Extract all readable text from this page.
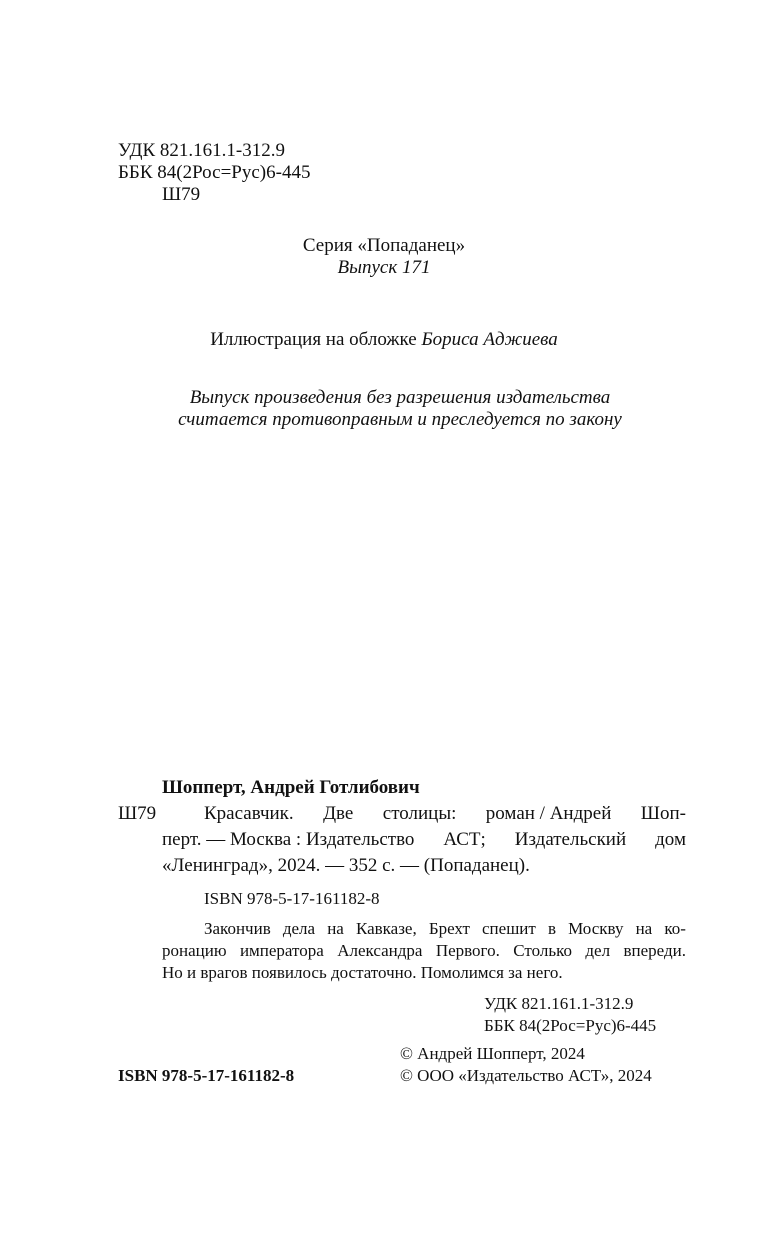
УДК 821.161.1-312.9
ББК 84(2Рос=Рус)6-445
Ш79
Серия «Попаданец»
Выпуск 171
Иллюстрация на обложке Бориса Аджиева
Выпуск произведения без разрешения издательства
считается противоправным и преследуется по закону
Шопперт, Андрей Готлибович
Ш79	Красавчик. Две столицы: роман / Андрей Шоп-
перт. — Москва : Издательство АСТ; Издательский дом
«Ленинград», 2024. — 352 с. — (Попаданец).
ISBN 978-5-17-161182-8
Закончив дела на Кавказе, Брехт спешит в Москву на ко-
ронацию императора Александра Первого. Столько дел впереди.
Но и врагов появилось достаточно. Помолимся за него.
УДК 821.161.1-312.9
ББК 84(2Рос=Рус)6-445
© Андрей Шопперт, 2024
© ООО «Издательство АСТ», 2024
ISBN 978-5-17-161182-8
